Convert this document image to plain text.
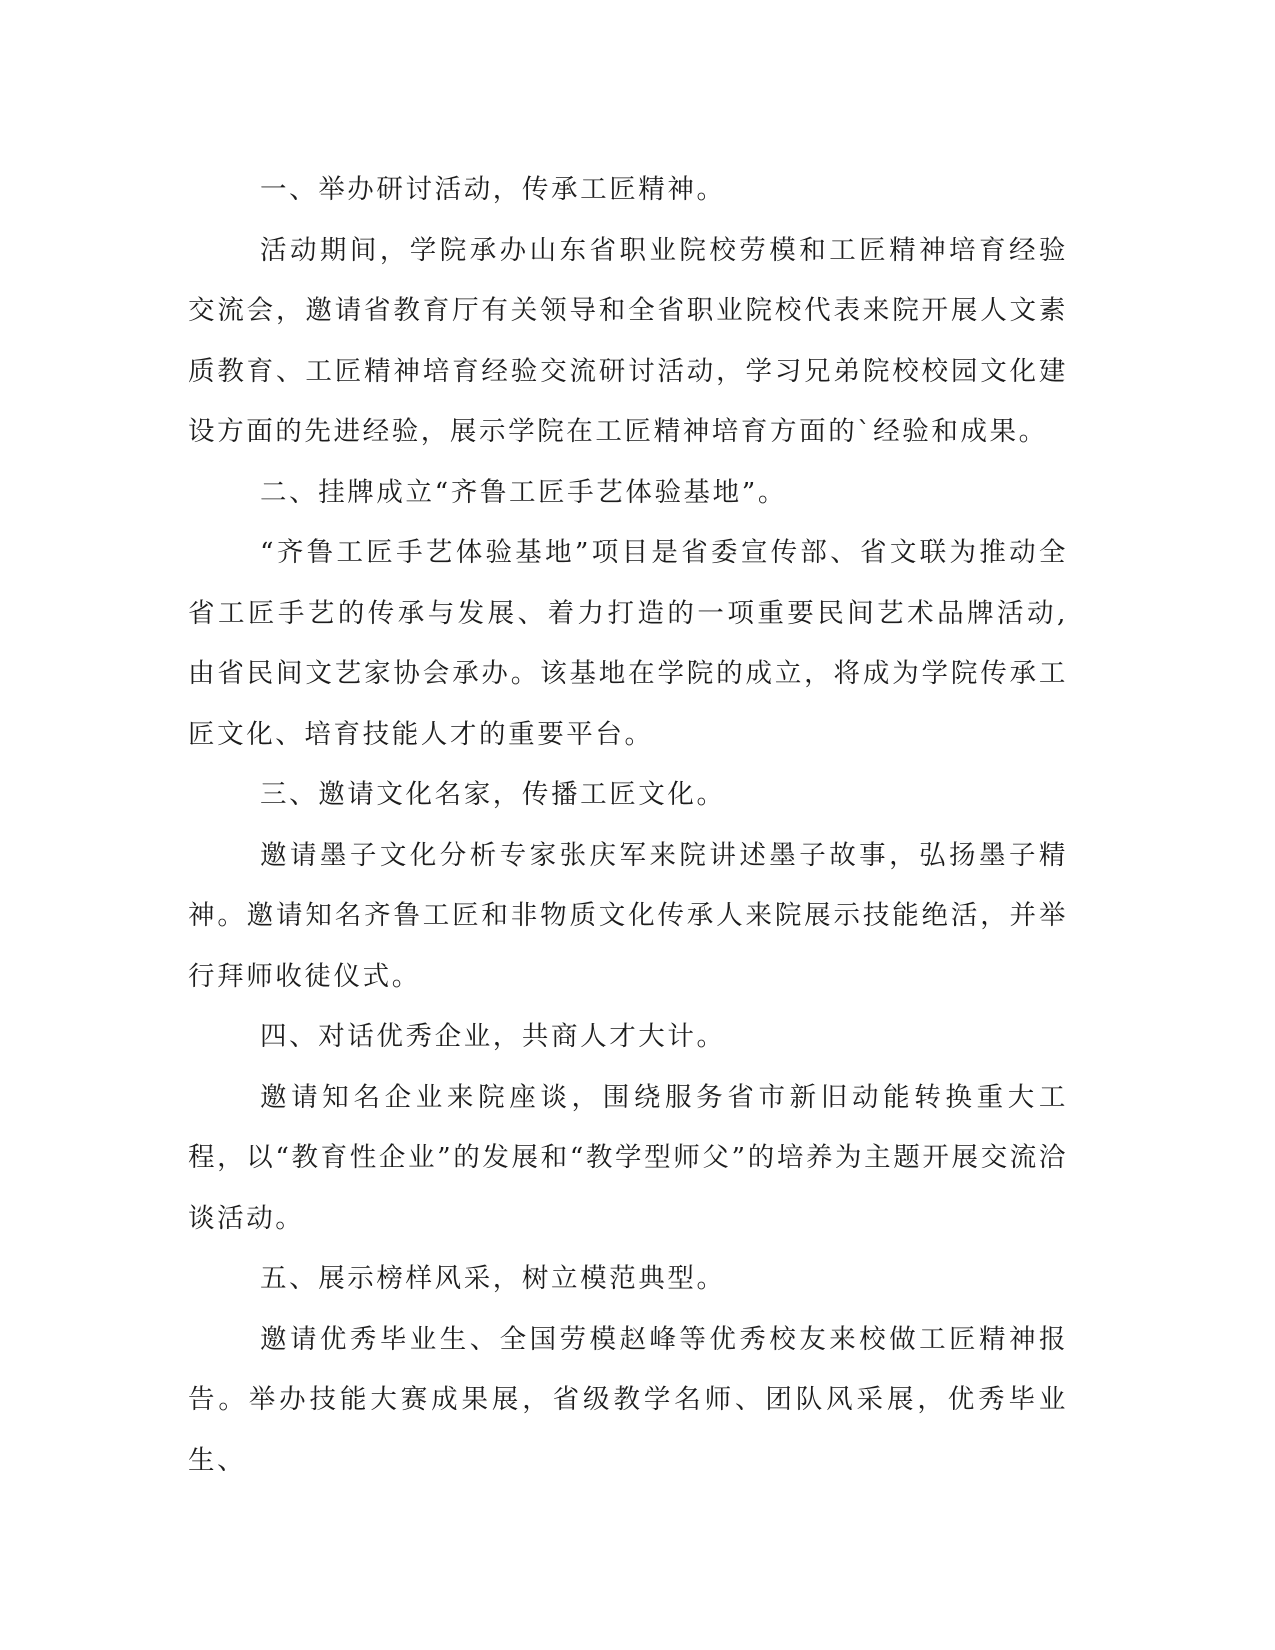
一、举办研讨活动，传承工匠精神。

活动期间，学院承办山东省职业院校劳模和工匠精神培育经验交流会，邀请省教育厅有关领导和全省职业院校代表来院开展人文素质教育、工匠精神培育经验交流研讨活动，学习兄弟院校校园文化建设方面的先进经验，展示学院在工匠精神培育方面的`经验和成果。

二、挂牌成立“齐鲁工匠手艺体验基地”。

“齐鲁工匠手艺体验基地”项目是省委宣传部、省文联为推动全省工匠手艺的传承与发展、着力打造的一项重要民间艺术品牌活动,由省民间文艺家协会承办。该基地在学院的成立，将成为学院传承工匠文化、培育技能人才的重要平台。

三、邀请文化名家，传播工匠文化。

邀请墨子文化分析专家张庆军来院讲述墨子故事，弘扬墨子精神。邀请知名齐鲁工匠和非物质文化传承人来院展示技能绝活，并举行拜师收徒仪式。

四、对话优秀企业，共商人才大计。

邀请知名企业来院座谈，围绕服务省市新旧动能转换重大工程，以“教育性企业”的发展和“教学型师父”的培养为主题开展交流洽谈活动。

五、展示榜样风采，树立模范典型。

邀请优秀毕业生、全国劳模赵峰等优秀校友来校做工匠精神报告。举办技能大赛成果展，省级教学名师、团队风采展，优秀毕业生、
